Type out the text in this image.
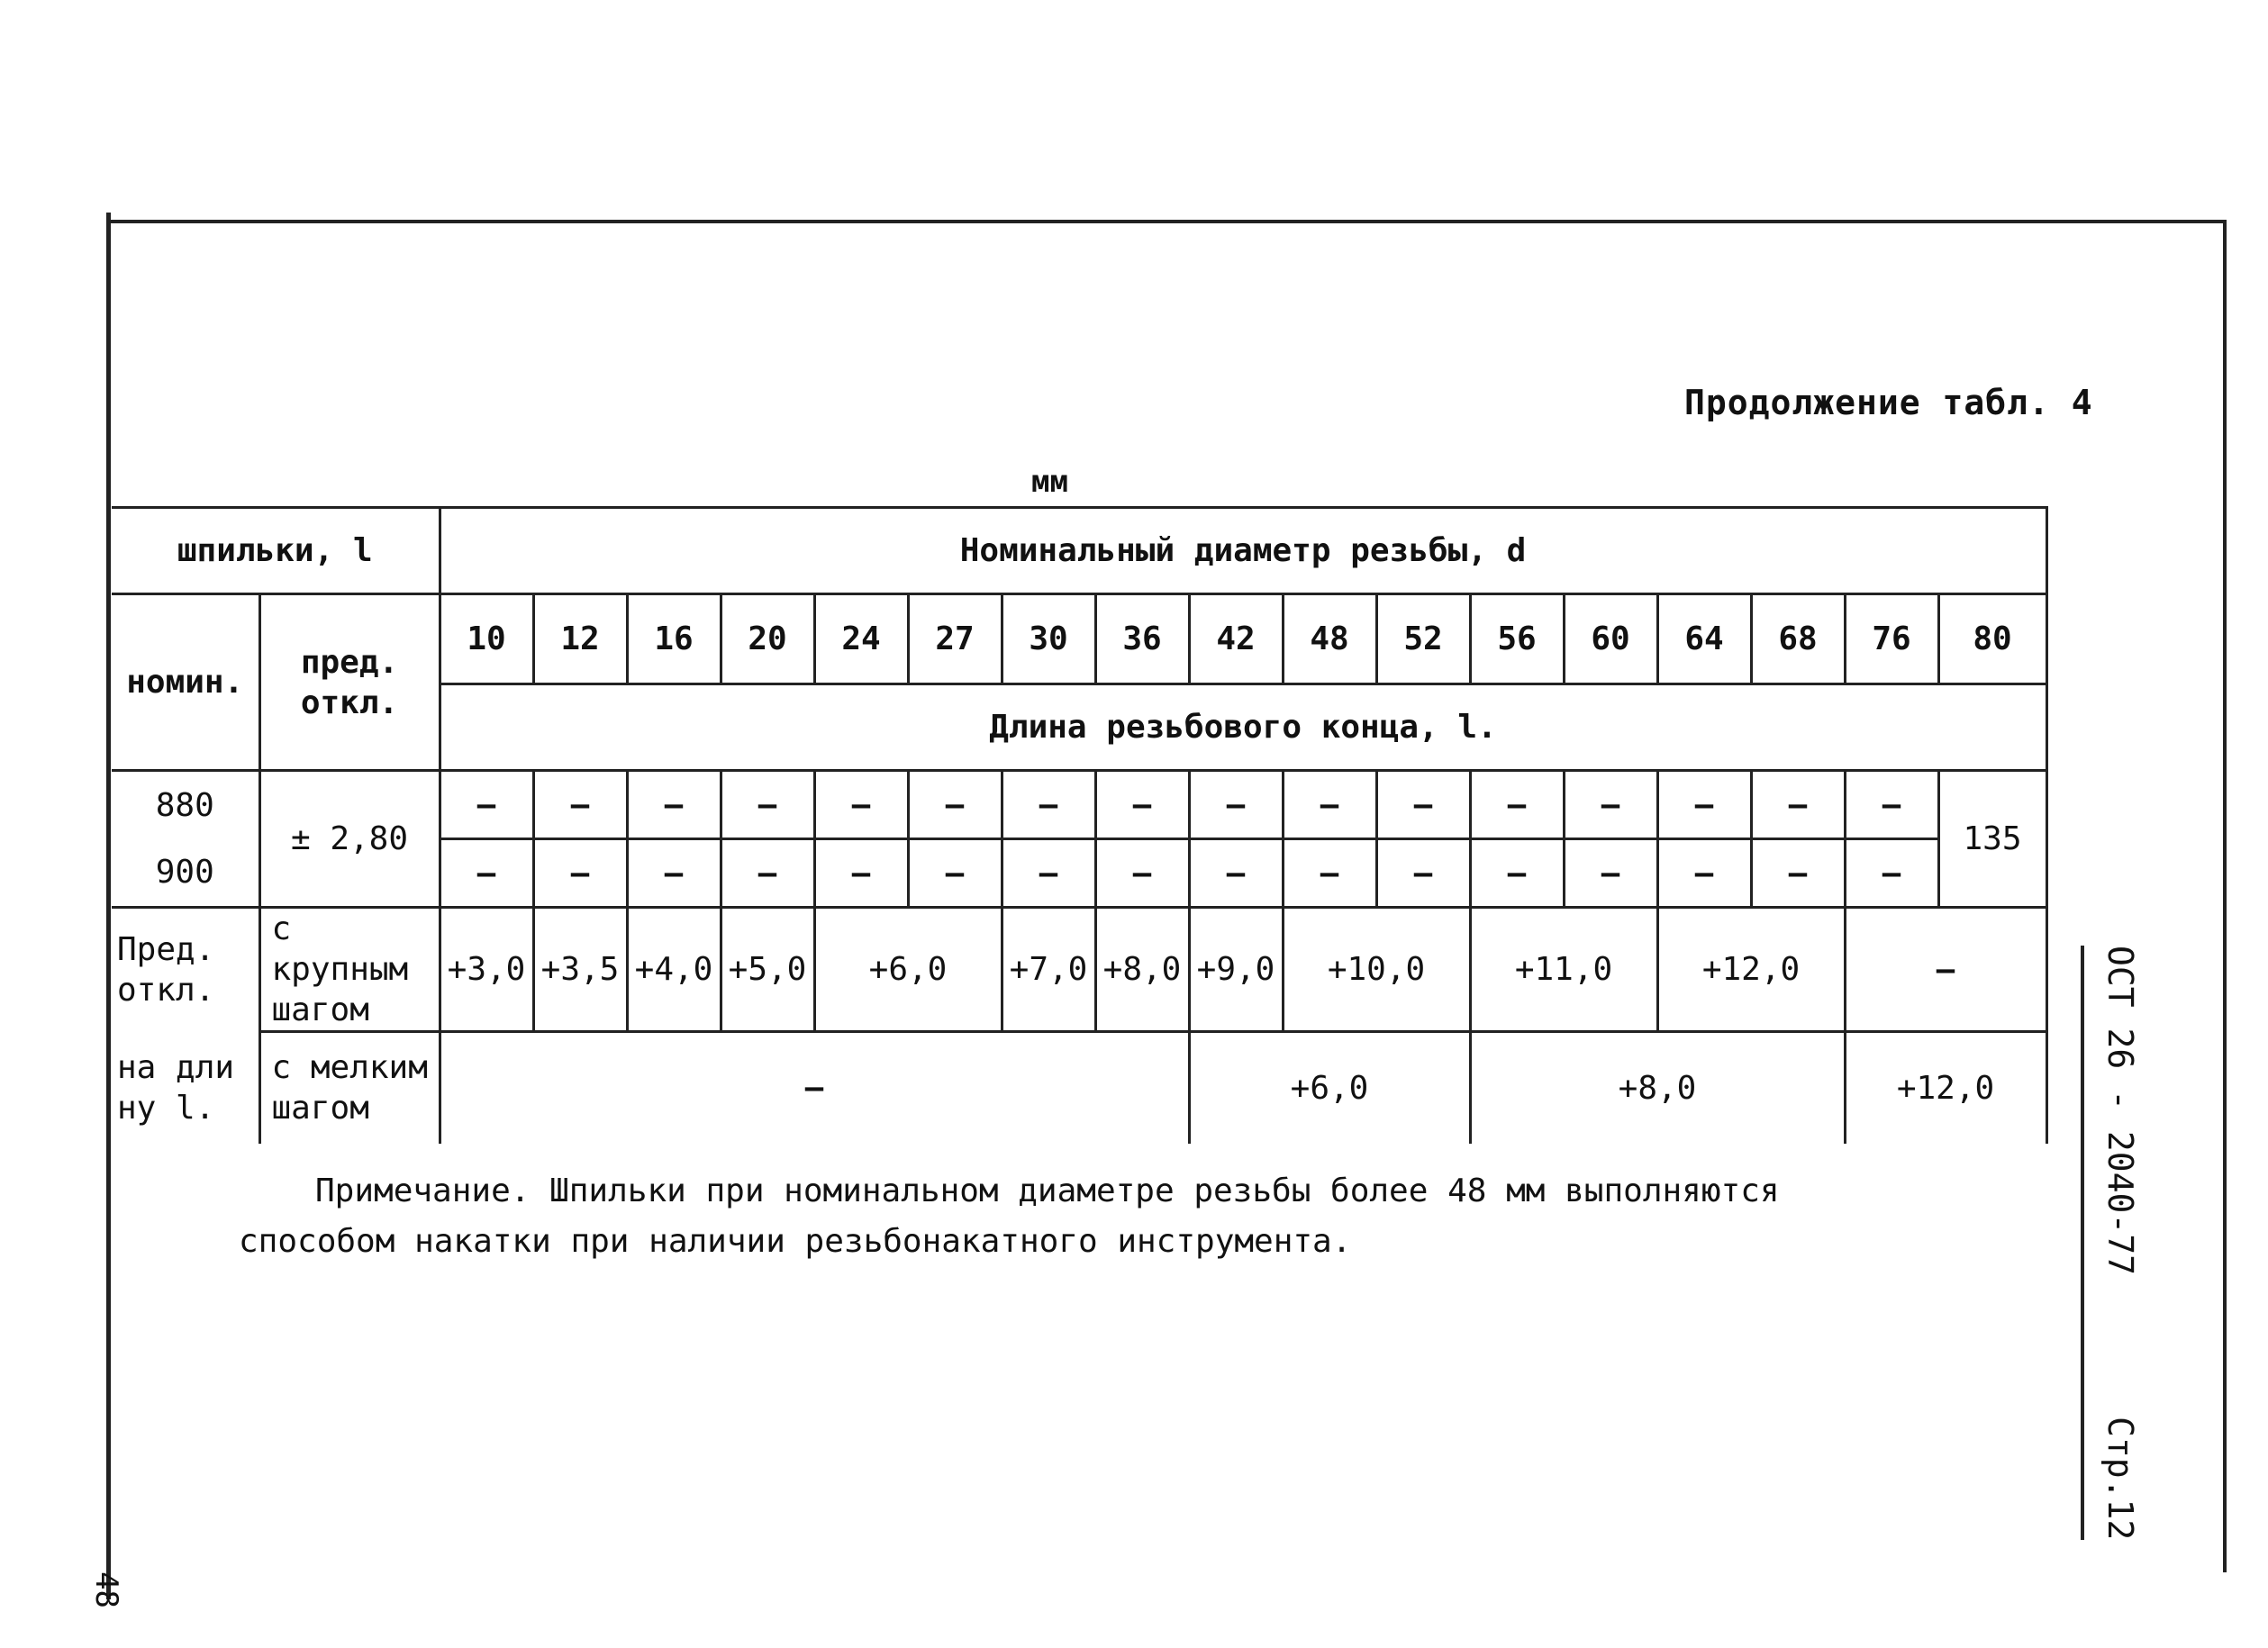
Продолжение табл. 4
мм
шпильки, l		Номинальный диаметр резьбы, d																
номин.	пред. откл.	10	12	16	20	24	27	30	36	42	48	52	56	60	64	68	76	80
		Длина резьбового конца, l.																
880	± 2,80	–	–	–	–	–	–	–	–	–	–	–	–	–	–	–	–	135
900		–	–	–	–	–	–	–	–	–	–	–	–	–	–	–	–	
Пред. откл.	с крупным шагом	+3,0	+3,5	+4,0	+5,0	+6,0		+7,0	+8,0	+9,0	+10,0		+11,0		+12,0		–	
на дли ну l.	с мелким шагом	–								+6,0			+8,0				+12,0	
Примечание. Шпильки при номинальном диаметре резьбы более 48 мм выполняются способом накатки при наличии резьбонакатного инструмента.	ОСТ 26 - 2040-77
Стр.12
48
